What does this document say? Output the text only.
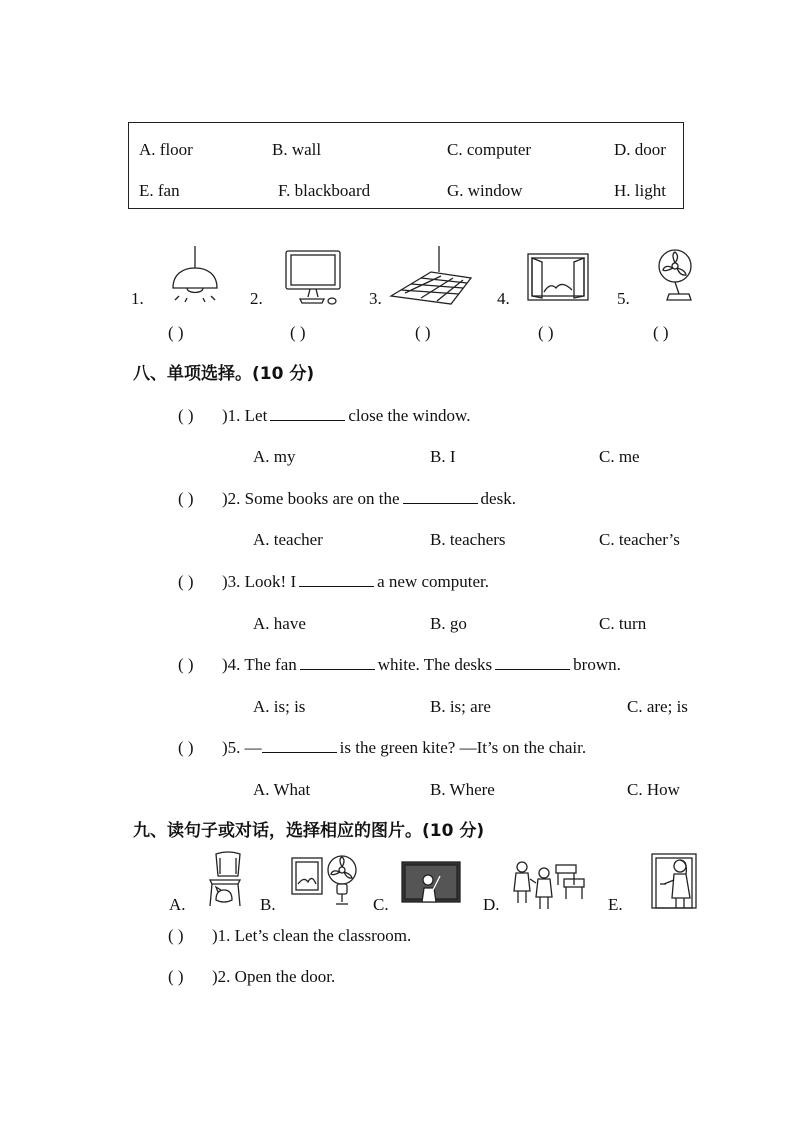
A. floor	B. wall	C. computer	D. door
E. fan	F. blackboard	G. window	H. light
1.
( )
2.
( )
3.
( )
4.
( )
5.
( )
八、单项选择。(10 分)
( ) )1. Let	close the window.
A. my	B. I	C. me
( ) )2. Some books are on the	desk.
A. teacher	B. teachers	C. teacher’s
( ) )3. Look! I	a new computer.
A. have	B. go	C. turn
( ) )4. The fan	white. The desks	brown.
A. is; is	B. is; are	C. are; is
( ) )5. —	is the green kite? —It’s on the chair.
A. What	B. Where	C. How
九、读句子或对话，选择相应的图片。(10 分)
A.	B.	C.	D.	E.
( ) )1. Let’s clean the classroom.
( ) )2. Open the door.
